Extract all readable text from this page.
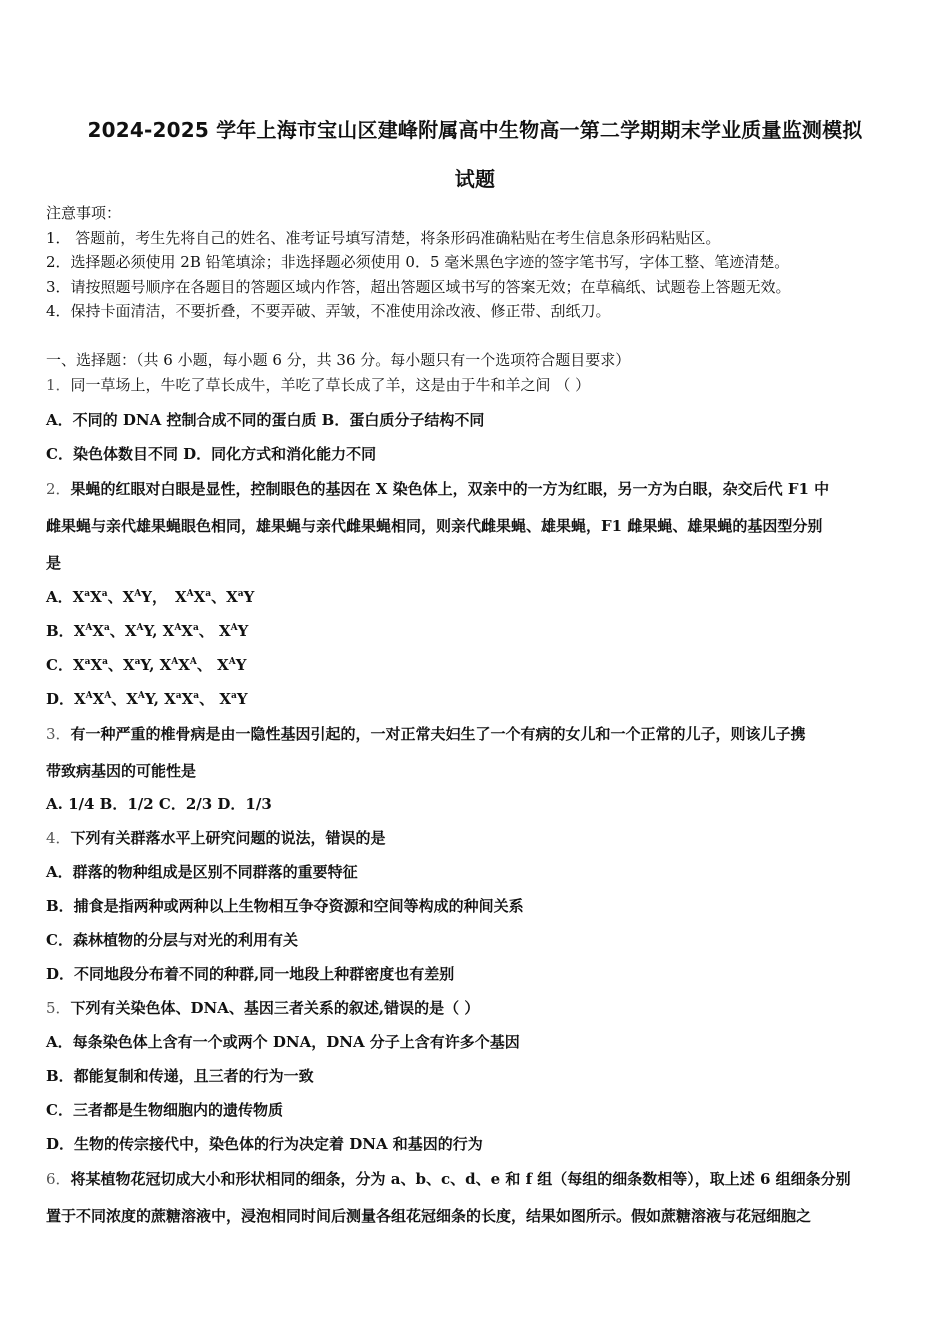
2024-2025 学年上海市宝山区建峰附属高中生物高一第二学期期末学业质量监测模拟
试题
注意事项：
1． 答题前，考生先将自己的姓名、准考证号填写清楚，将条形码准确粘贴在考生信息条形码粘贴区。
2．选择题必须使用 2B 铅笔填涂；非选择题必须使用 0．5 毫米黑色字迹的签字笔书写，字体工整、笔迹清楚。
3．请按照题号顺序在各题目的答题区域内作答，超出答题区域书写的答案无效；在草稿纸、试题卷上答题无效。
4．保持卡面清洁，不要折叠，不要弄破、弄皱，不准使用涂改液、修正带、刮纸刀。
一、选择题：（共 6 小题，每小题 6 分，共 36 分。每小题只有一个选项符合题目要求）
1．同一草场上，牛吃了草长成牛，羊吃了草长成了羊，这是由于牛和羊之间 （ ）
A．不同的 DNA 控制合成不同的蛋白质 B．蛋白质分子结构不同
C．染色体数目不同 D．同化方式和消化能力不同
2．果蝇的红眼对白眼是显性，控制眼色的基因在 X 染色体上，双亲中的一方为红眼，另一方为白眼，杂交后代 F1 中
雌果蝇与亲代雄果蝇眼色相同，雄果蝇与亲代雌果蝇相同，则亲代雌果蝇、雄果蝇，F1 雌果蝇、雄果蝇的基因型分别
是
A．$X^aX^a$、$X^AY$， $X^AX^a$、$X^aY$
B．$X^AX^a$、$X^AY$, $X^AX^a$、 $X^AY$
C．$X^aX^a$、$X^aY$, $X^AX^A$、 $X^AY$
D．$X^AX^A$、$X^AY$, $X^aX^a$、 $X^aY$
3．有一种严重的椎骨病是由一隐性基因引起的，一对正常夫妇生了一个有病的女儿和一个正常的儿子，则该儿子携
带致病基因的可能性是
A. 1/4 B．1/2 C．2/3 D．1/3
4．下列有关群落水平上研究问题的说法，错误的是
A．群落的物种组成是区别不同群落的重要特征
B．捕食是指两种或两种以上生物相互争夺资源和空间等构成的种间关系
C．森林植物的分层与对光的利用有关
D．不同地段分布着不同的种群,同一地段上种群密度也有差别
5．下列有关染色体、DNA、基因三者关系的叙述,错误的是（ ）
A．每条染色体上含有一个或两个 DNA，DNA 分子上含有许多个基因
B．都能复制和传递，且三者的行为一致
C．三者都是生物细胞内的遗传物质
D．生物的传宗接代中，染色体的行为决定着 DNA 和基因的行为
6．将某植物花冠切成大小和形状相同的细条，分为 a、b、c、d、e 和 f 组（每组的细条数相等），取上述 6 组细条分别
置于不同浓度的蔗糖溶液中，浸泡相同时间后测量各组花冠细条的长度，结果如图所示。假如蔗糖溶液与花冠细胞之
